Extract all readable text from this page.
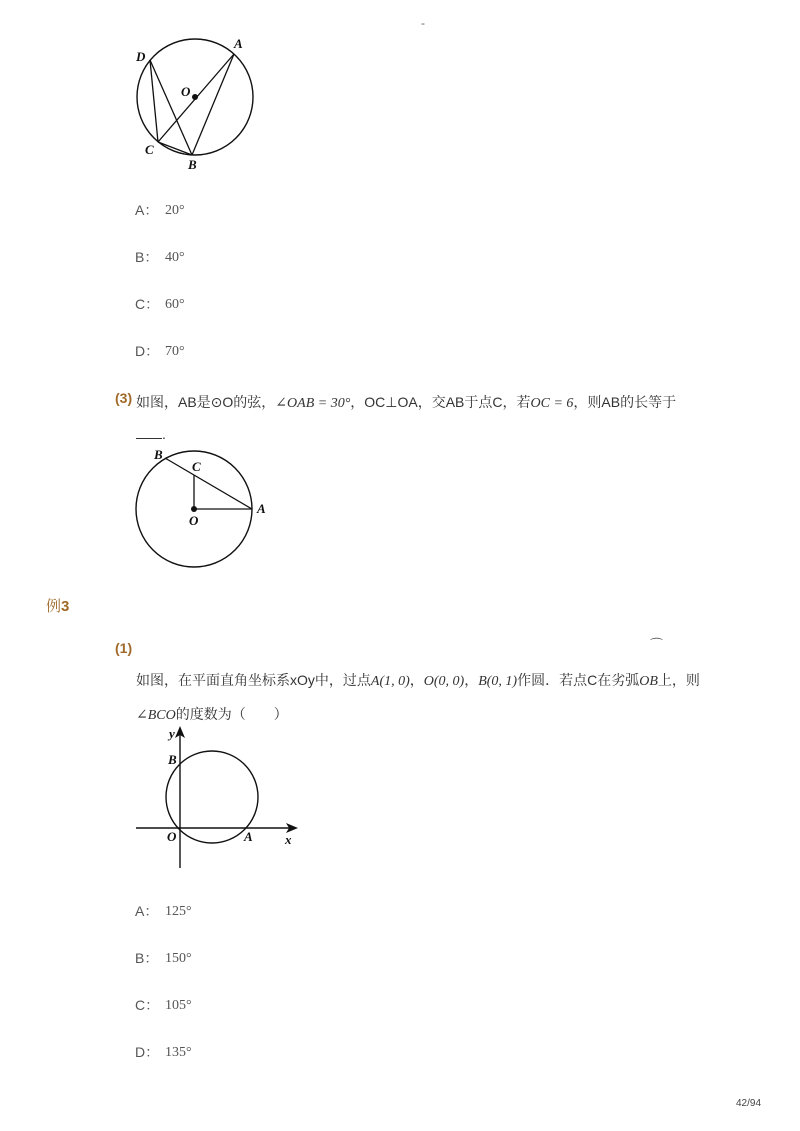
-
D
A
O
C
B
A： 20°
B： 40°
C： 60°
D： 70°
(3) 如图，AB是⊙O的弦，∠OAB = 30°，OC⊥OA，交AB于点C，若OC = 6，则AB的长等于
.
B
C
O
A
例3
(1)	⌒
如图，在平面直角坐标系xOy中，过点A(1, 0)，O(0, 0)，B(0, 1)作圆．若点C在劣弧OB上，则
∠BCO的度数为（　　）
y
B
O	A x
A： 125°
B： 150°
C： 105°
D： 135°
42/94
